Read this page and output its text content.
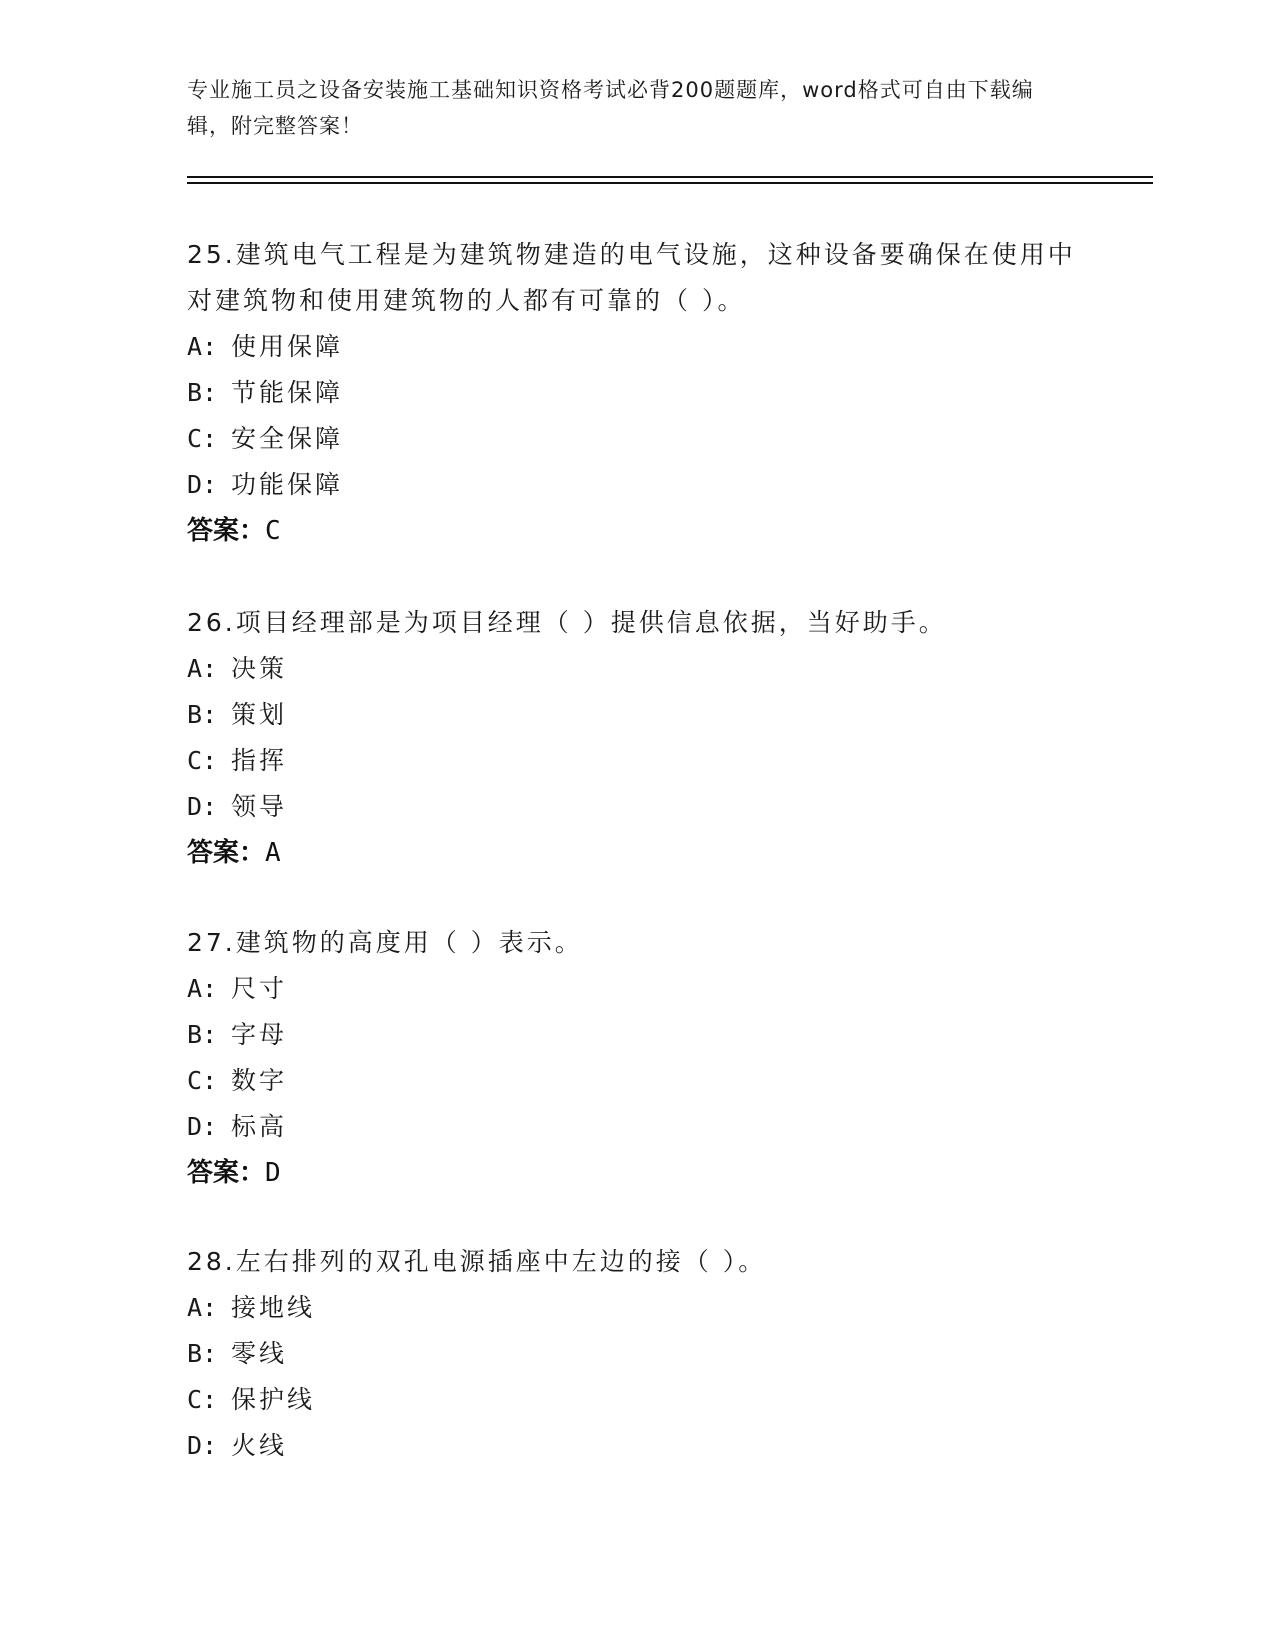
专业施工员之设备安装施工基础知识资格考试必背200题题库，word格式可自由下载编辑，附完整答案！

25.建筑电气工程是为建筑物建造的电气设施，这种设备要确保在使用中对建筑物和使用建筑物的人都有可靠的（ ）。

A: 使用保障
B: 节能保障
C: 安全保障
D: 功能保障
答案：C

26.项目经理部是为项目经理（ ）提供信息依据，当好助手。

A: 决策
B: 策划
C: 指挥
D: 领导
答案：A

27.建筑物的高度用（ ）表示。

A: 尺寸
B: 字母
C: 数字
D: 标高
答案：D

28.左右排列的双孔电源插座中左边的接（ ）。

A: 接地线
B: 零线
C: 保护线
D: 火线
